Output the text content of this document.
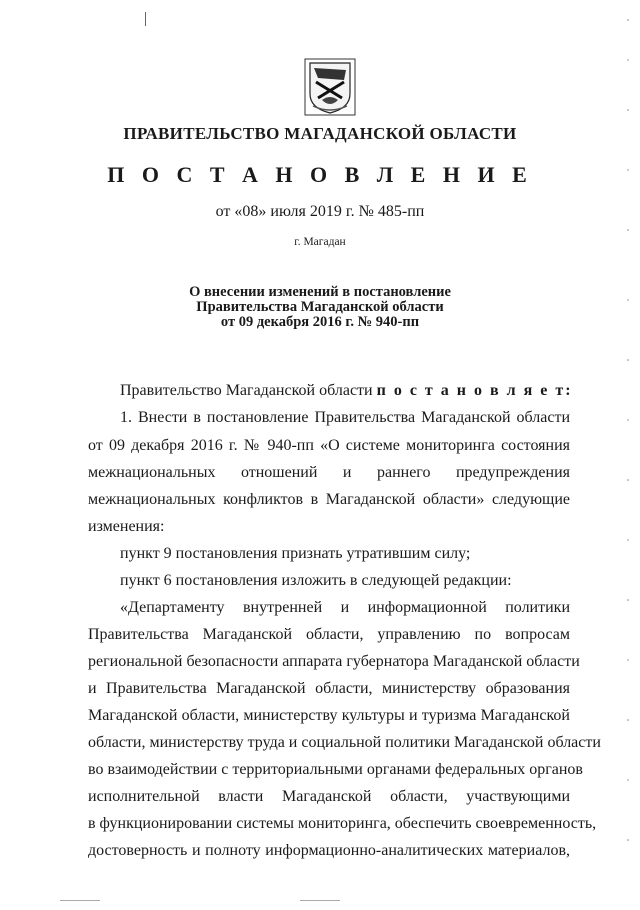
ПРАВИТЕЛЬСТВО МАГАДАНСКОЙ ОБЛАСТИ
П О С Т А Н О В Л Е Н И Е
от «08» июля 2019 г. № 485-пп
г. Магадан
О внесении изменений в постановление
Правительства Магаданской области
от 09 декабря 2016 г. № 940-пп
Правительство Магаданской области п о с т а н о в л я е т:
1. Внести в постановление Правительства Магаданской области
от 09 декабря 2016 г. № 940-пп «О системе мониторинга состояния
межнациональных отношений и раннего предупреждения
межнациональных конфликтов в Магаданской области» следующие
изменения:
пункт 9 постановления признать утратившим силу;
пункт 6 постановления изложить в следующей редакции:
«Департаменту внутренней и информационной политики
Правительства Магаданской области, управлению по вопросам
региональной безопасности аппарата губернатора Магаданской области
и Правительства Магаданской области, министерству образования
Магаданской области, министерству культуры и туризма Магаданской
области, министерству труда и социальной политики Магаданской области
во взаимодействии с территориальными органами федеральных органов
исполнительной власти Магаданской области, участвующими
в функционировании системы мониторинга, обеспечить своевременность,
достоверность и полноту информационно-аналитических материалов,
